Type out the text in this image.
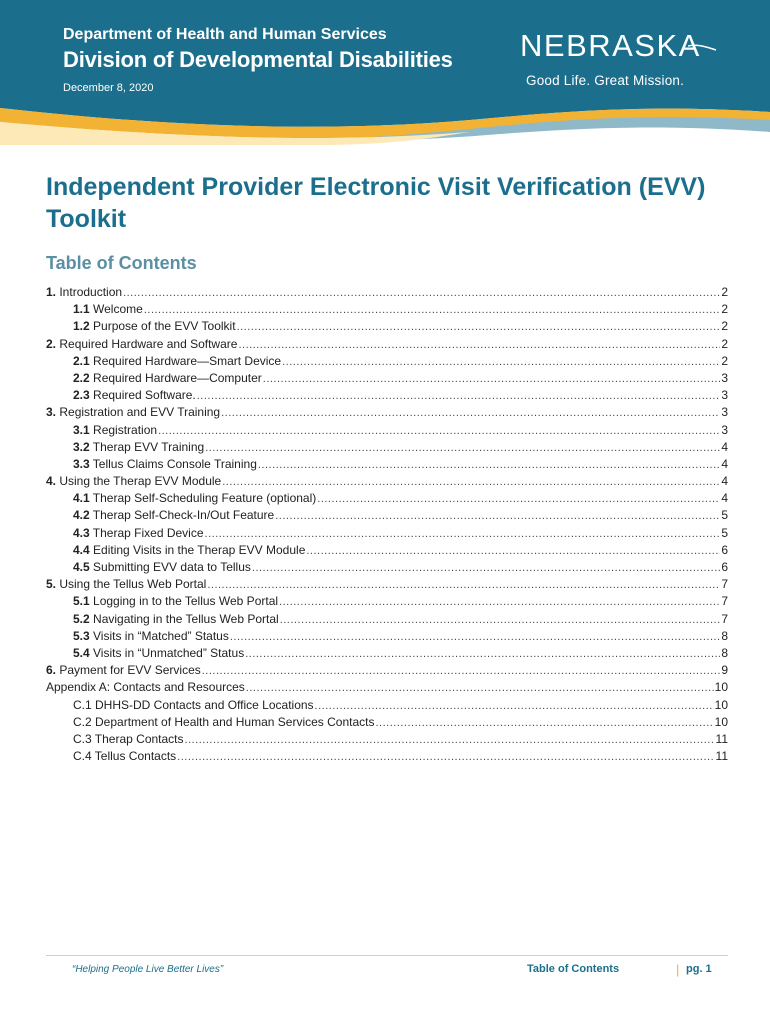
Department of Health and Human Services
Division of Developmental Disabilities
December 8, 2020
NEBRASKA
Good Life. Great Mission.
Independent Provider Electronic Visit Verification (EVV) Toolkit
Table of Contents
1. Introduction .....	2
1.1 Welcome .....	2
1.2 Purpose of the EVV Toolkit .....	2
2. Required Hardware and Software .....	2
2.1 Required Hardware—Smart Device .....	2
2.2 Required Hardware—Computer .....	3
2.3 Required Software. .....	3
3. Registration and EVV Training .....	3
3.1 Registration .....	3
3.2 Therap EVV Training .....	4
3.3 Tellus Claims Console Training .....	4
4. Using the Therap EVV Module .....	4
4.1 Therap Self-Scheduling Feature (optional) .....	4
4.2 Therap Self-Check-In/Out Feature .....	5
4.3 Therap Fixed Device .....	5
4.4 Editing Visits in the Therap EVV Module .....	6
4.5 Submitting EVV data to Tellus .....	6
5. Using the Tellus Web Portal .....	7
5.1 Logging in to the Tellus Web Portal .....	7
5.2 Navigating in the Tellus Web Portal .....	7
5.3 Visits in “Matched” Status .....	8
5.4 Visits in “Unmatched” Status .....	8
6. Payment for EVV Services .....	9
Appendix A: Contacts and Resources .....	10
C.1 DHHS-DD Contacts and Office Locations .....	10
C.2 Department of Health and Human Services Contacts .....	10
C.3 Therap Contacts .....	11
C.4 Tellus Contacts .....	11
“Helping People Live Better Lives”	Table of Contents	| pg. 1
